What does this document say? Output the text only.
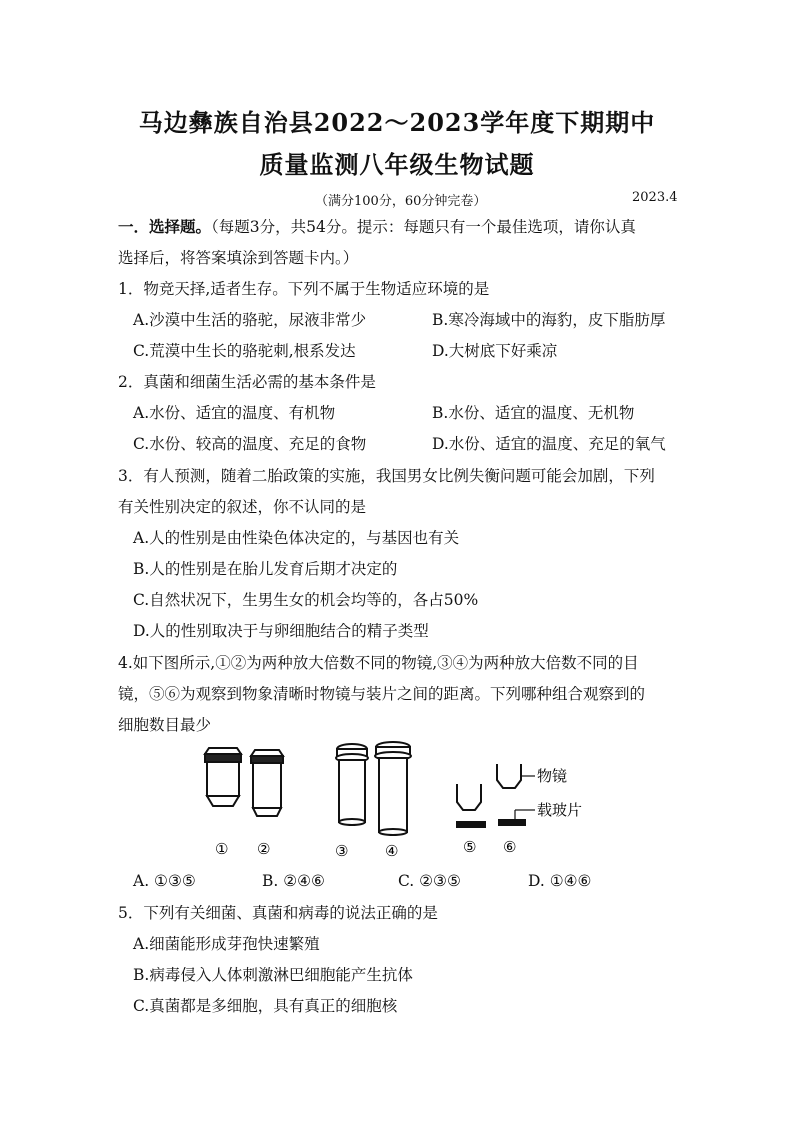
马边彝族自治县2022～2023学年度下期期中
质量监测八年级生物试题
（满分100分，60分钟完卷）	2023.4
一．选择题。（每题3分，共54分。提示：每题只有一个最佳选项，请你认真
选择后，将答案填涂到答题卡内。）
1．物竞天择,适者生存。下列不属于生物适应环境的是
A.沙漠中生活的骆驼，尿液非常少	B.寒冷海域中的海豹，皮下脂肪厚
C.荒漠中生长的骆驼刺,根系发达	D.大树底下好乘凉
2．真菌和细菌生活必需的基本条件是
A.水份、适宜的温度、有机物	B.水份、适宜的温度、无机物
C.水份、较高的温度、充足的食物	D.水份、适宜的温度、充足的氧气
3．有人预测，随着二胎政策的实施，我国男女比例失衡问题可能会加剧，下列
有关性别决定的叙述，你不认同的是
A.人的性别是由性染色体决定的，与基因也有关
B.人的性别是在胎儿发育后期才决定的
C.自然状况下，生男生女的机会均等的，各占50%
D.人的性别取决于与卵细胞结合的精子类型
4.如下图所示,①②为两种放大倍数不同的物镜,③④为两种放大倍数不同的目
镜，⑤⑥为观察到物象清晰时物镜与装片之间的距离。下列哪种组合观察到的
细胞数目最少
物镜
载玻片
① ②	③ ④	⑤ ⑥
A. ①③⑤	B. ②④⑥	C. ②③⑤	D. ①④⑥
5．下列有关细菌、真菌和病毒的说法正确的是
A.细菌能形成芽孢快速繁殖
B.病毒侵入人体刺激淋巴细胞能产生抗体
C.真菌都是多细胞，具有真正的细胞核
